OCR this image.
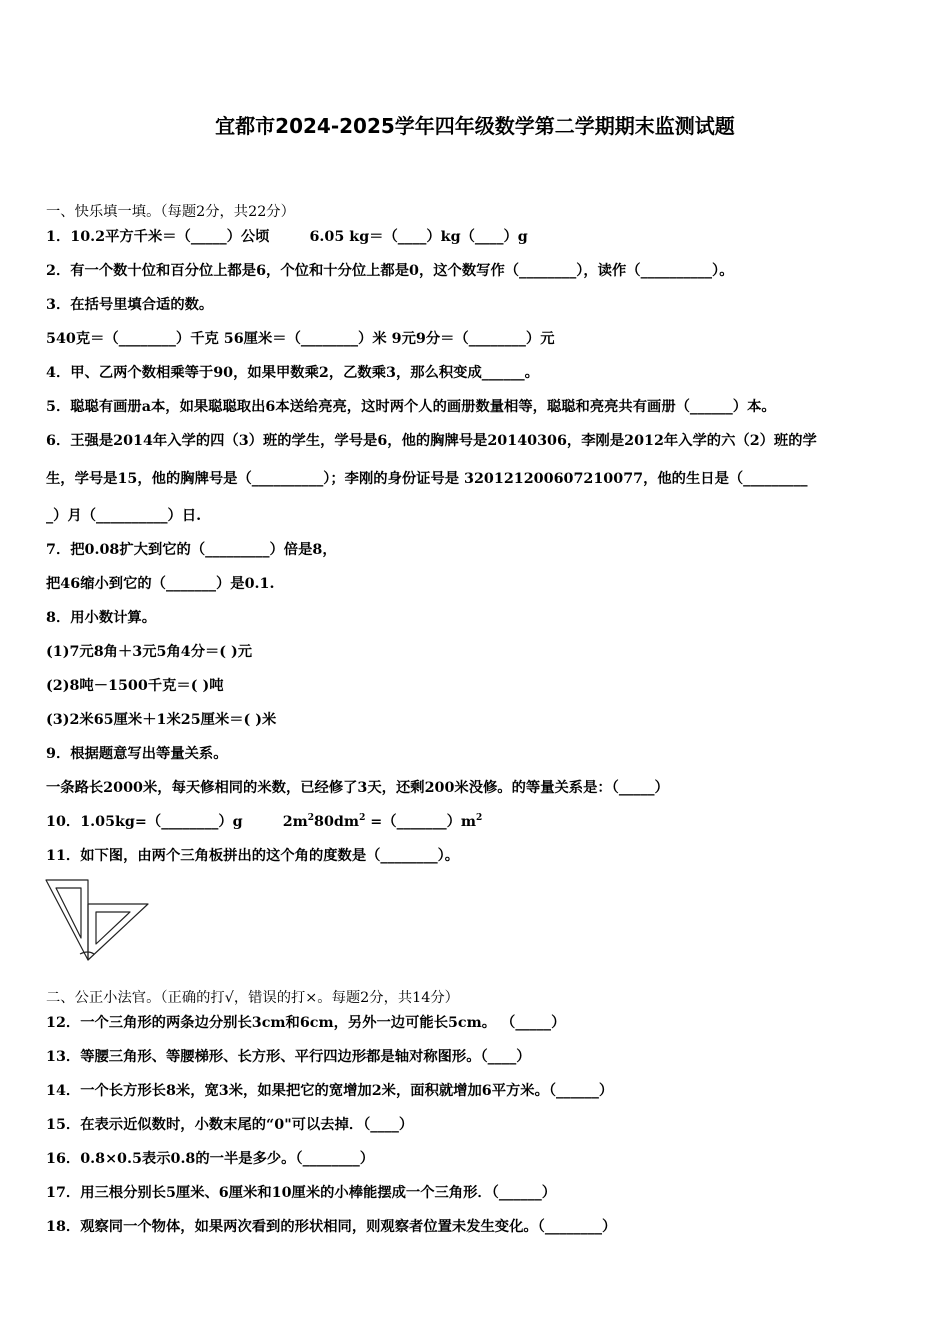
宜都市2024-2025学年四年级数学第二学期期末监测试题
一、快乐填一填。（每题2分，共22分）
1．10.2平方千米＝（_____）公顷	6.05 kg＝（____）kg（____）g
2．有一个数十位和百分位上都是6，个位和十分位上都是0，这个数写作（________），读作（__________）。
3．在括号里填合适的数。
540克＝（________）千克 56厘米＝（________）米 9元9分＝（________）元
4．甲、乙两个数相乘等于90，如果甲数乘2，乙数乘3，那么积变成______。
5．聪聪有画册a本，如果聪聪取出6本送给亮亮，这时两个人的画册数量相等，聪聪和亮亮共有画册（______）本。
6．王强是2014年入学的四（3）班的学生，学号是6，他的胸牌号是20140306，李刚是2012年入学的六（2）班的学
生，学号是15，他的胸牌号是（__________）；李刚的身份证号是 320121200607210077，他的生日是（_________
_）月（__________）日.
7．把0.08扩大到它的（_________）倍是8，
把46缩小到它的（_______）是0.1.
8．用小数计算。
(1)7元8角＋3元5角4分＝( )元
(2)8吨－1500千克＝( )吨
(3)2米65厘米＋1米25厘米＝( )米
9．根据题意写出等量关系。
一条路长2000米，每天修相同的米数，已经修了3天，还剩200米没修。的等量关系是：（_____）
10．1.05kg=（________）g	$2m^280dm^2$ $=(\_\_\_\_\_\_\_)m^2$
11．如下图，由两个三角板拼出的这个角的度数是（________）。
二、公正小法官。（正确的打√，错误的打×。每题2分，共14分）
12．一个三角形的两条边分别长3cm和6cm，另外一边可能长5cm。 （_____）
13．等腰三角形、等腰梯形、长方形、平行四边形都是轴对称图形。（____）
14．一个长方形长8米，宽3米，如果把它的宽增加2米，面积就增加6平方米。（______）
15．在表示近似数时，小数末尾的“0"可以去掉．（____）
16．0.8×0.5表示0.8的一半是多少。（________）
17．用三根分别长5厘米、6厘米和10厘米的小棒能摆成一个三角形．（______）
18．观察同一个物体，如果两次看到的形状相同，则观察者位置未发生变化。（________）
